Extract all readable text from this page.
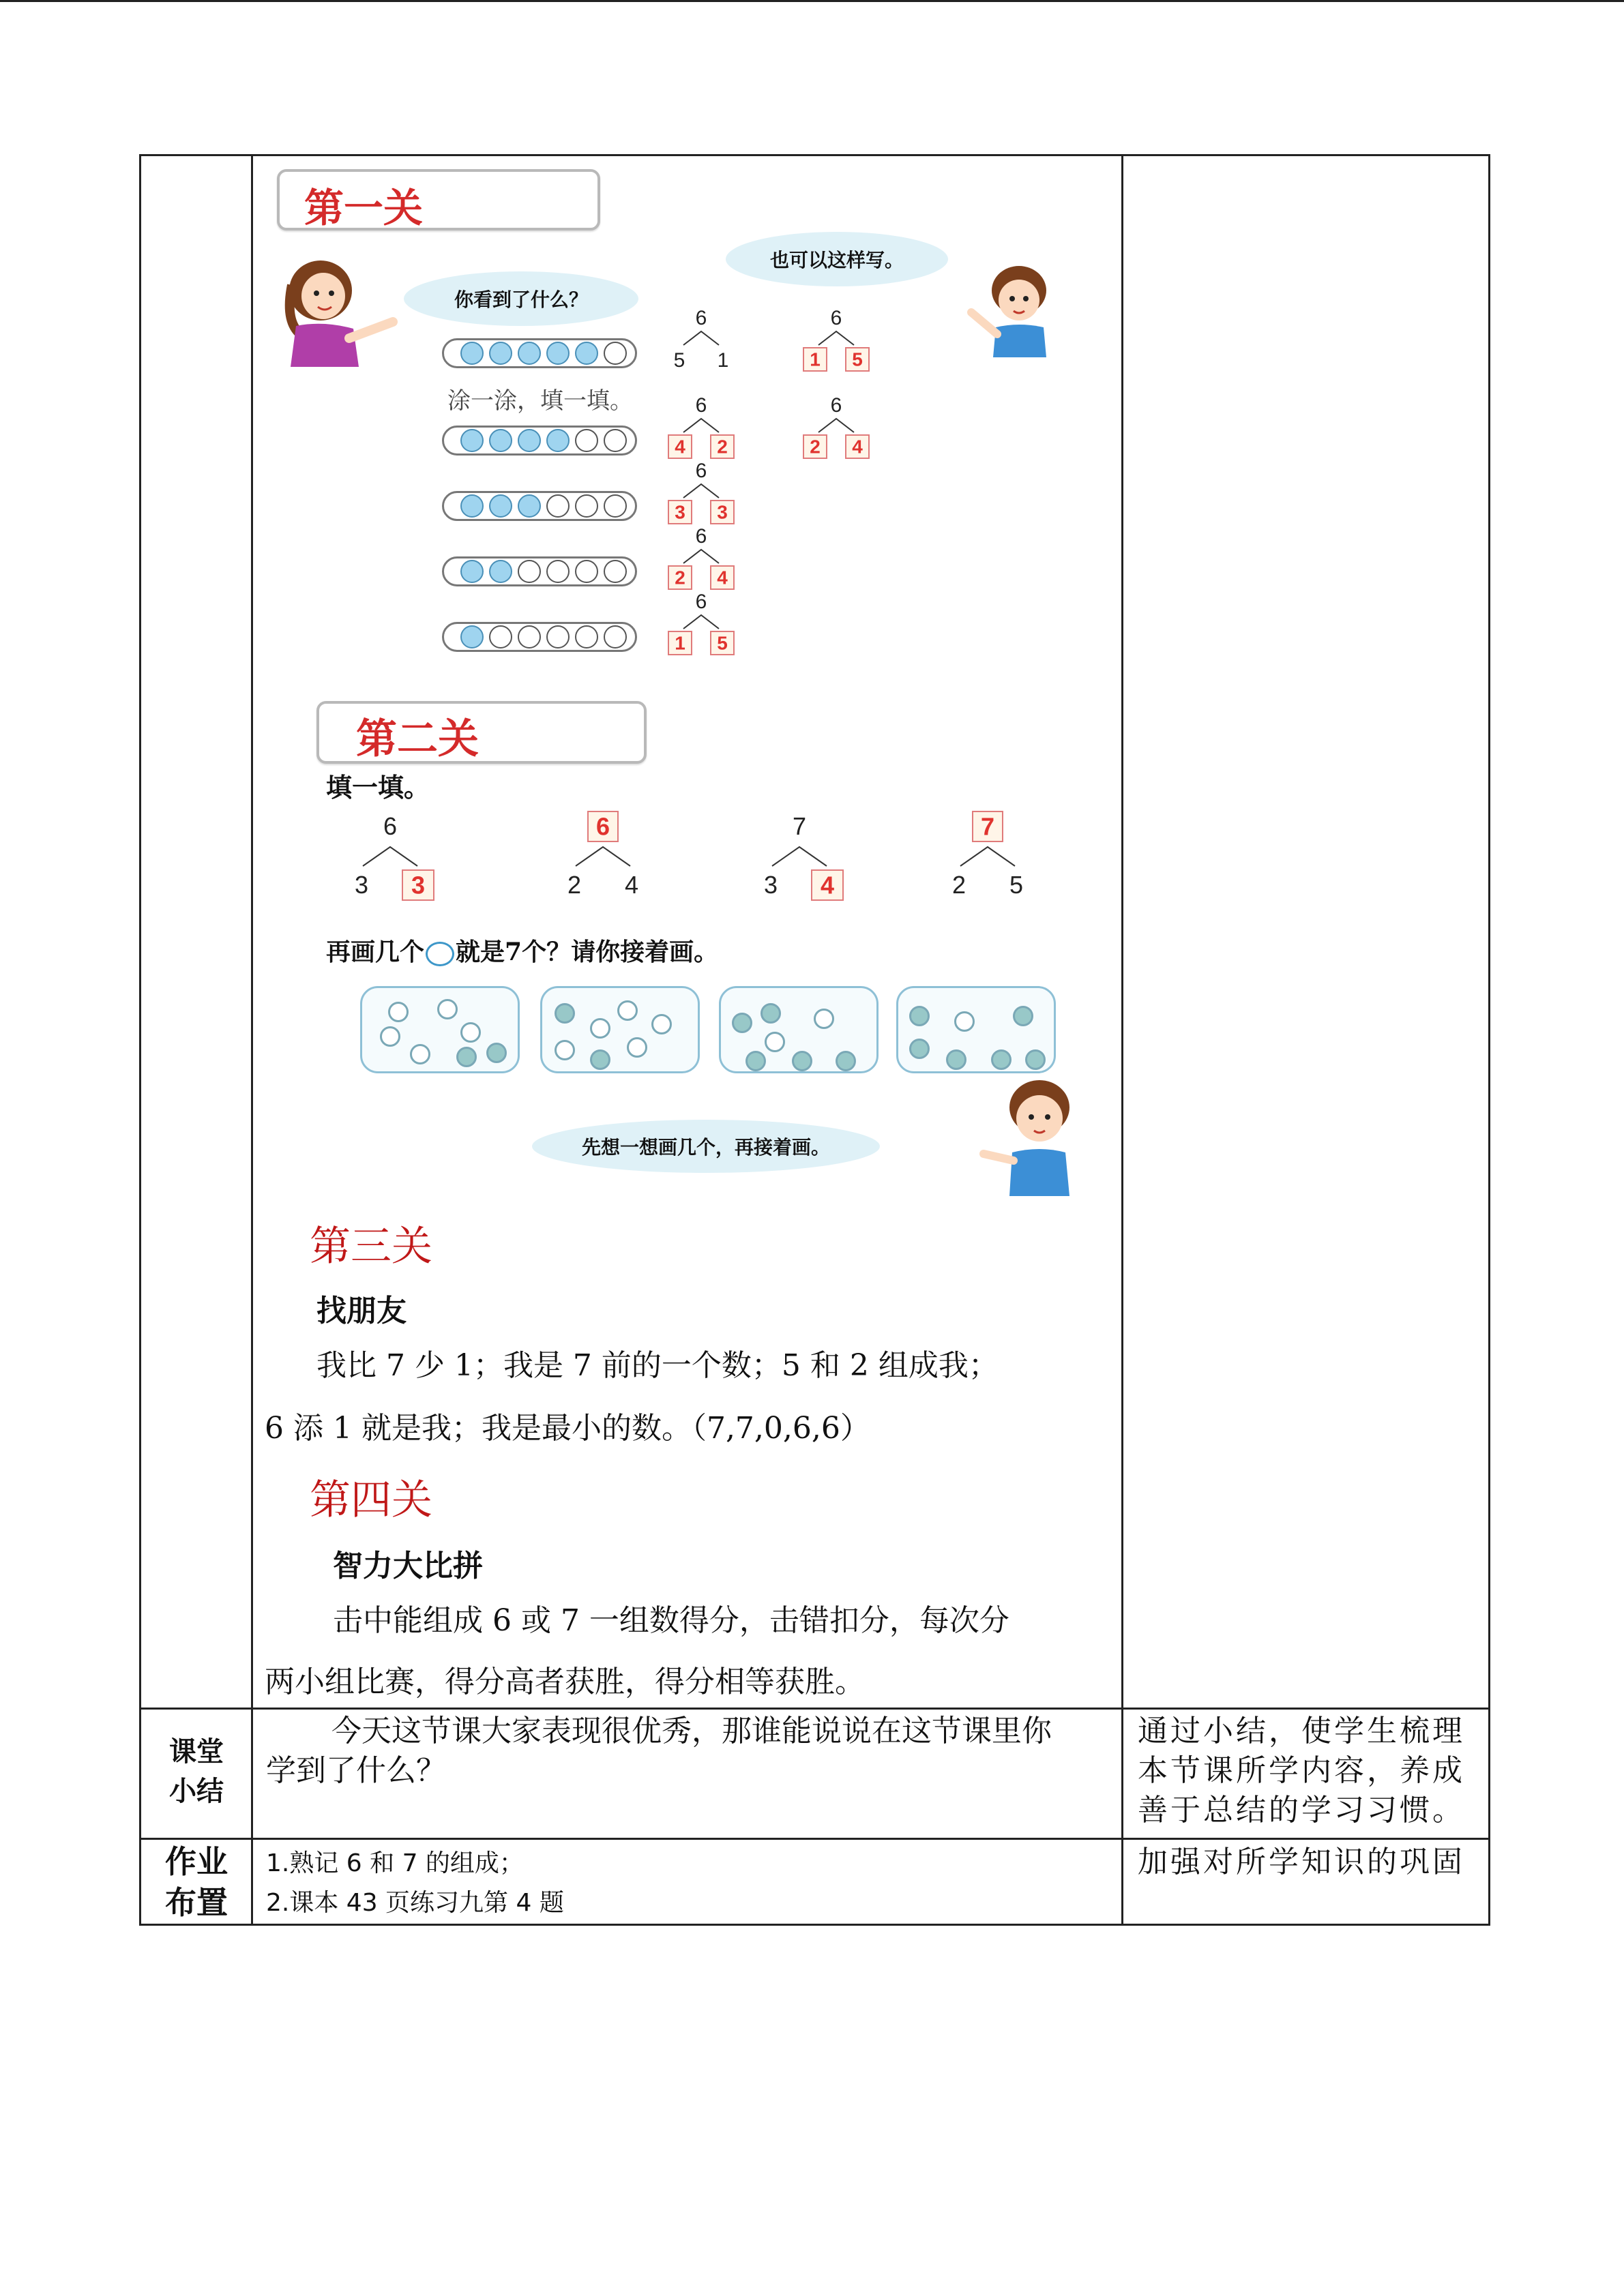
第一关
你看到了什么？
也可以这样写。
涂一涂，填一填。
6
5 1
6
4 2
6
3 3
6
2 4
6
1 5
6
1 5
6
2 4
第二关
填一填。
6
3 3
6
2 4
7
3 4
7
2 5
再画几个 就是7个？请你接着画。
先想一想画几个，再接着画。
第三关
找朋友
我比 7 少 1；我是 7 前的一个数；5 和 2 组成我；
6 添 1 就是我；我是最小的数。（7,7,0,6,6）
第四关
智力大比拼
击中能组成 6 或 7 一组数得分，击错扣分，每次分
两小组比赛，得分高者获胜，得分相等获胜。
课堂
小结
今天这节课大家表现很优秀，那谁能说说在这节课里你
学到了什么？
通过小结，使学生梳理
本节课所学内容，养成
善于总结的学习习惯。
作业
布置
1.熟记 6 和 7 的组成；
2.课本 43 页练习九第 4 题
加强对所学知识的巩固
